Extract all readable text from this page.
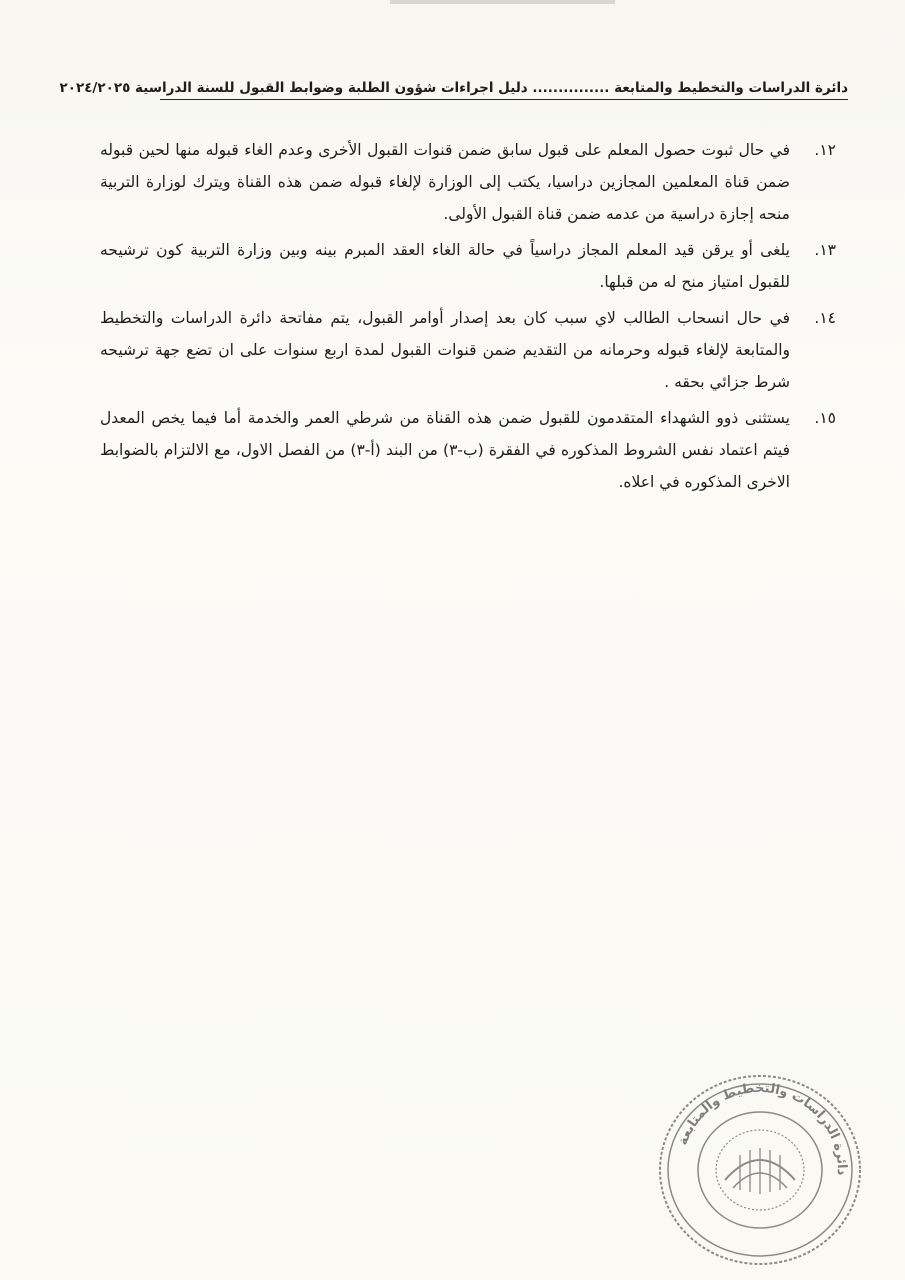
دائرة الدراسات والتخطيط والمتابعة ............... دليل اجراءات شؤون الطلبة وضوابط القبول للسنة الدراسية ٢٠٢٤/٢٠٢٥
١٢.
في حال ثبوت حصول المعلم على قبول سابق ضمن قنوات القبول الأخرى وعدم الغاء قبوله منها لحين قبوله ضمن قناة المعلمين المجازين دراسيا، يكتب إلى الوزارة لإلغاء قبوله ضمن هذه القناة ويترك لوزارة التربية منحه إجازة دراسية من عدمه ضمن قناة القبول الأولى.
١٣.
يلغى أو يرقن قيد المعلم المجاز دراسياً في حالة الغاء العقد المبرم بينه وبين وزارة التربية كون ترشيحه للقبول امتياز منح له من قبلها.
١٤.
في حال انسحاب الطالب لاي سبب كان بعد إصدار أوامر القبول، يتم مفاتحة دائرة الدراسات والتخطيط والمتابعة لإلغاء قبوله وحرمانه من التقديم ضمن قنوات القبول لمدة اربع سنوات على ان تضع جهة ترشيحه شرط جزائي بحقه .
١٥.
يستثنى ذوو الشهداء المتقدمون للقبول ضمن هذه القناة من شرطي العمر والخدمة أما فيما يخص المعدل فيتم اعتماد نفس الشروط المذكوره في الفقرة (ب-٣) من البند (أ-٣) من الفصل الاول، مع الالتزام بالضوابط الاخرى المذكوره في اعلاه.
دائرة الدراسات والتخطيط والمتابعة
